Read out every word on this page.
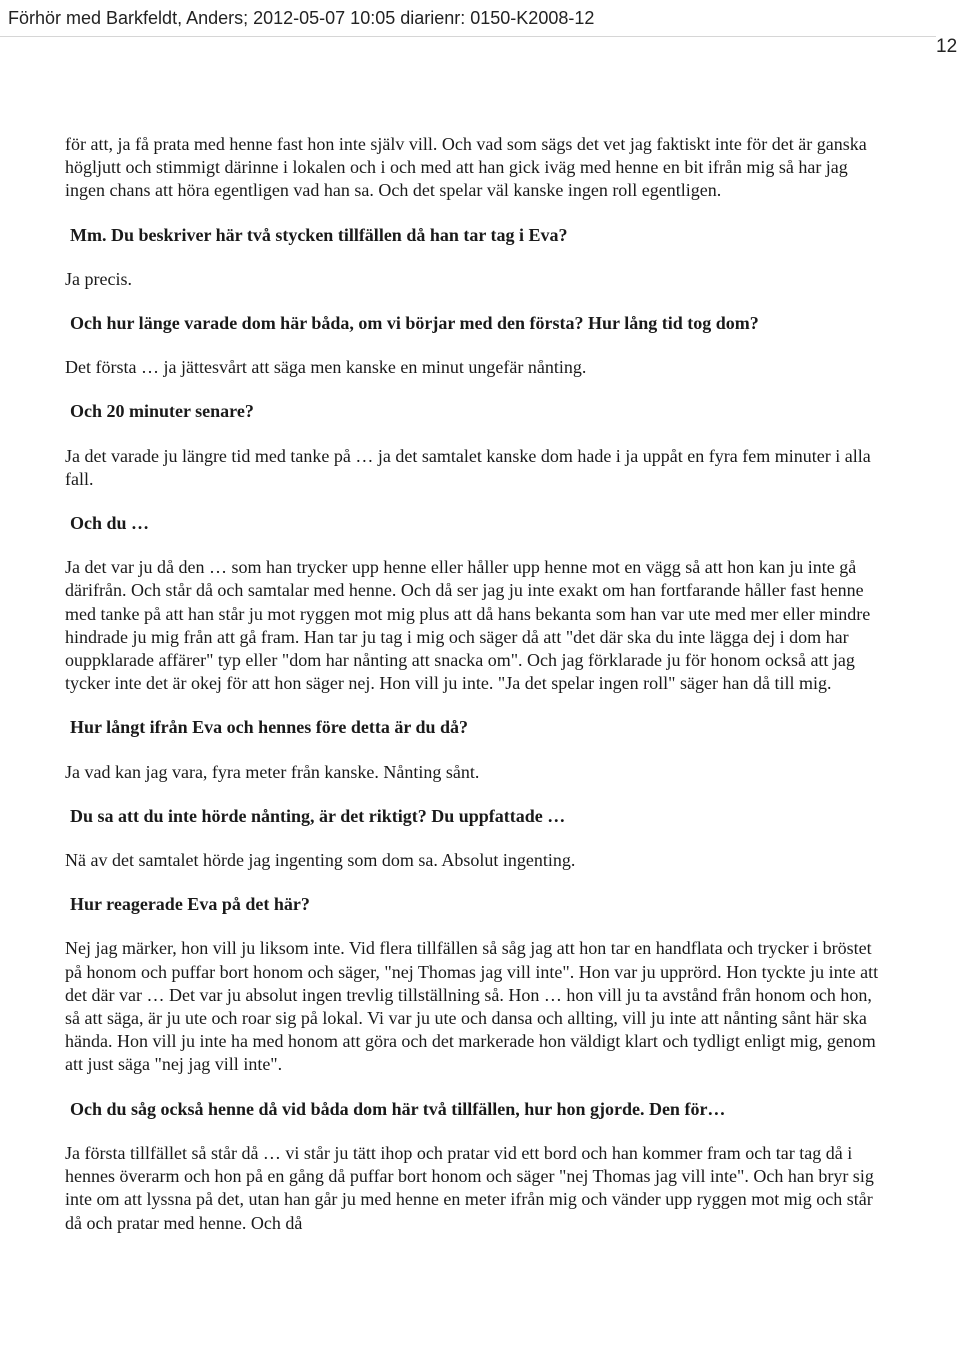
Förhör med Barkfeldt, Anders; 2012-05-07 10:05 diarienr: 0150-K2008-12
12

för att, ja få prata med henne fast hon inte själv vill. Och vad som sägs det vet jag faktiskt inte för det är ganska högljutt och stimmigt därinne i lokalen och i och med att han gick iväg med henne en bit ifrån mig så har jag ingen chans att höra egentligen vad han sa. Och det spelar väl kanske ingen roll egentligen.

Mm. Du beskriver här två stycken tillfällen då han tar tag i Eva?

Ja precis.

Och hur länge varade dom här båda, om vi börjar med den första? Hur lång tid tog dom?

Det första … ja jättesvårt att säga men kanske en minut ungefär nånting.

Och 20 minuter senare?

Ja det varade ju längre tid med tanke på … ja det samtalet kanske dom hade i ja uppåt en fyra fem minuter i alla fall.

Och du …

Ja det var ju då den … som han trycker upp henne eller håller upp henne mot en vägg så att hon kan ju inte gå därifrån. Och står då och samtalar med henne. Och då ser jag ju inte exakt om han fortfarande håller fast henne med tanke på att han står ju mot ryggen mot mig plus att då hans bekanta som han var ute med mer eller mindre hindrade ju mig från att gå fram. Han tar ju tag i mig och säger då att "det där ska du inte lägga dej i dom har ouppklarade affärer" typ eller "dom har nånting att snacka om". Och jag förklarade ju för honom också att jag tycker inte det är okej för att hon säger nej. Hon vill ju inte. "Ja det spelar ingen roll" säger han då till mig.

Hur långt ifrån Eva och hennes före detta är du då?

Ja vad kan jag vara, fyra meter från kanske. Nånting sånt.

Du sa att du inte hörde nånting, är det riktigt? Du uppfattade …

Nä av det samtalet hörde jag ingenting som dom sa. Absolut ingenting.

Hur reagerade Eva på det här?

Nej jag märker, hon vill ju liksom inte. Vid flera tillfällen så såg jag att hon tar en handflata och trycker i bröstet på honom och puffar bort honom och säger, "nej Thomas jag vill inte". Hon var ju upprörd. Hon tyckte ju inte att det där var … Det var ju absolut ingen trevlig tillställning så. Hon … hon vill ju ta avstånd från honom och hon, så att säga, är ju ute och roar sig på lokal. Vi var ju ute och dansa och allting, vill ju inte att nånting sånt här ska hända. Hon vill ju inte ha med honom att göra och det markerade hon väldigt klart och tydligt enligt mig, genom att just säga "nej jag vill inte".

Och du såg också henne då vid båda dom här två tillfällen, hur hon gjorde. Den för…

Ja första tillfället så står då … vi står ju tätt ihop och pratar vid ett bord och han kommer fram och tar tag då i hennes överarm och hon på en gång då puffar bort honom och säger "nej Thomas jag vill inte". Och han bryr sig inte om att lyssna på det, utan han går ju med henne en meter ifrån mig och vänder upp ryggen mot mig och står då och pratar med henne. Och då
